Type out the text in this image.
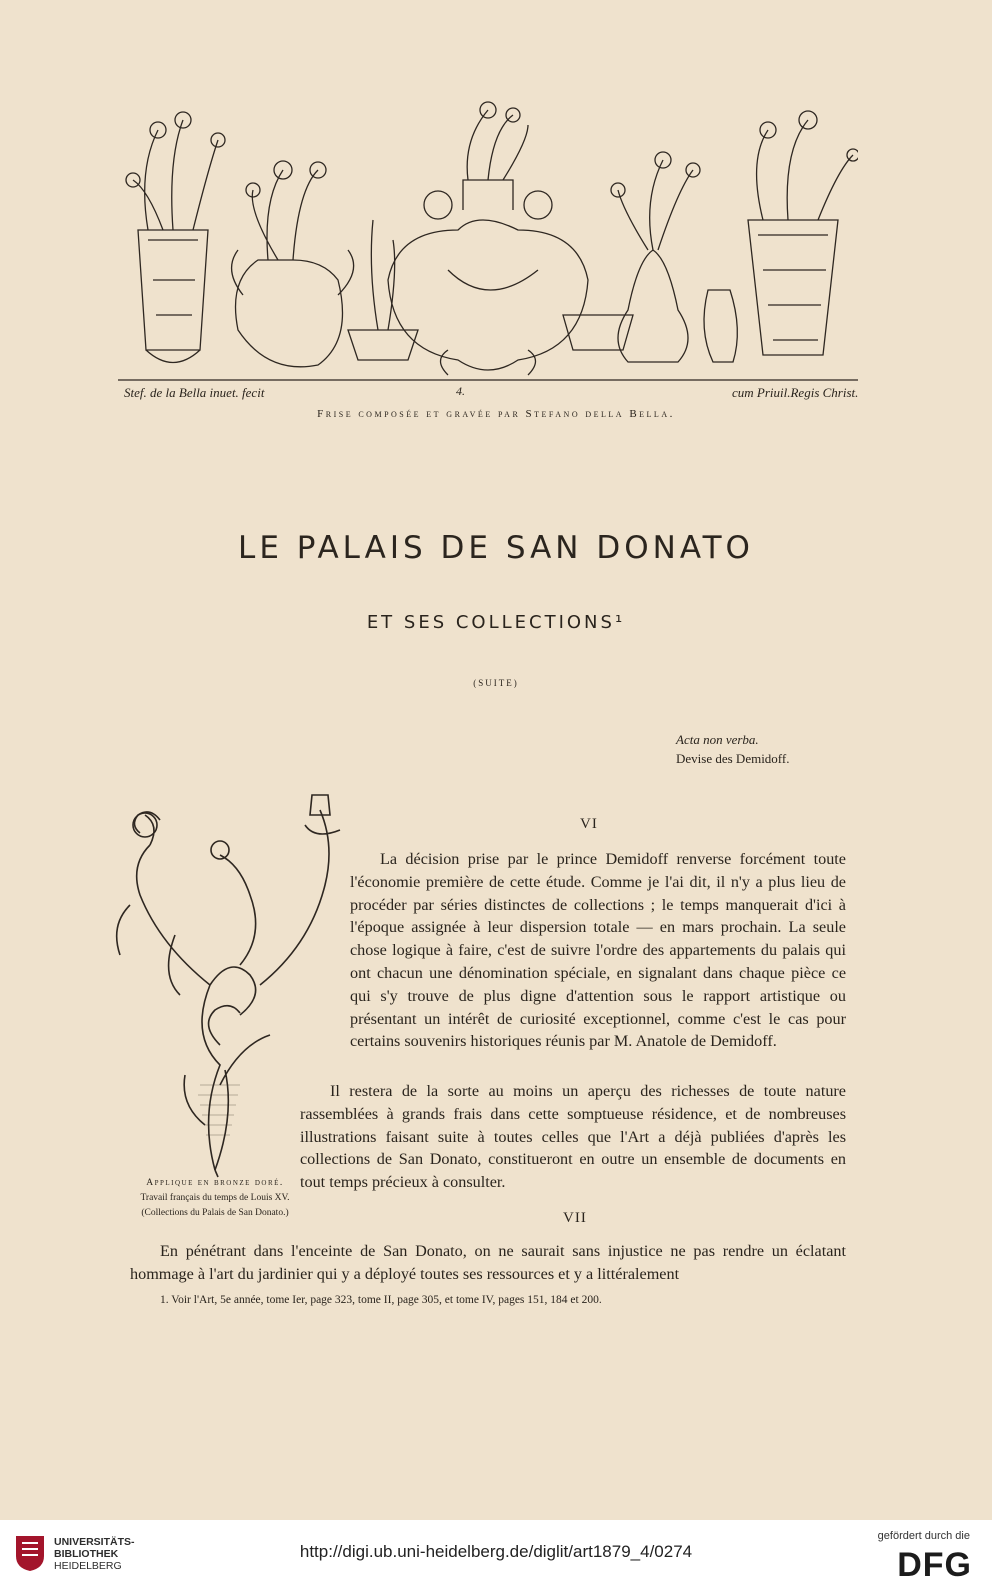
Stef. de la Bella inuet. fecit	4.	cum Priuil.Regis Christ.
Frise composée et gravée par Stefano della Bella.
LE PALAIS DE SAN DONATO
ET SES COLLECTIONS¹
(SUITE)
Acta non verba.
Devise des Demidoff.
Applique en bronze doré.
Travail français du temps de Louis XV.
(Collections du Palais de San Donato.)
VI

La décision prise par le prince Demidoff renverse forcément toute l'économie première de cette étude. Comme je l'ai dit, il n'y a plus lieu de procéder par séries distinctes de collections ; le temps manquerait d'ici à l'époque assignée à leur dispersion totale — en mars prochain. La seule chose logique à faire, c'est de suivre l'ordre des appartements du palais qui ont chacun une dénomination spéciale, en signalant dans chaque pièce ce qui s'y trouve de plus digne d'attention sous le rapport artistique ou présentant un intérêt de curiosité exceptionnel, comme c'est le cas pour certains souvenirs historiques réunis par M. Anatole de Demidoff.

Il restera de la sorte au moins un aperçu des richesses de toute nature rassemblées à grands frais dans cette somptueuse résidence, et de nombreuses illustrations faisant suite à toutes celles que l'Art a déjà publiées d'après les collections de San Donato, constitueront en outre un ensemble de documents en tout temps précieux à consulter.

VII

En pénétrant dans l'enceinte de San Donato, on ne saurait sans injustice ne pas rendre un éclatant hommage à l'art du jardinier qui y a déployé toutes ses ressources et y a littéralement

1. Voir l'Art, 5e année, tome Ier, page 323, tome II, page 305, et tome IV, pages 151, 184 et 200.
UNIVERSITÄTS-
BIBLIOTHEK
HEIDELBERG
http://digi.ub.uni-heidelberg.de/diglit/art1879_4/0274
gefördert durch die
DFG
